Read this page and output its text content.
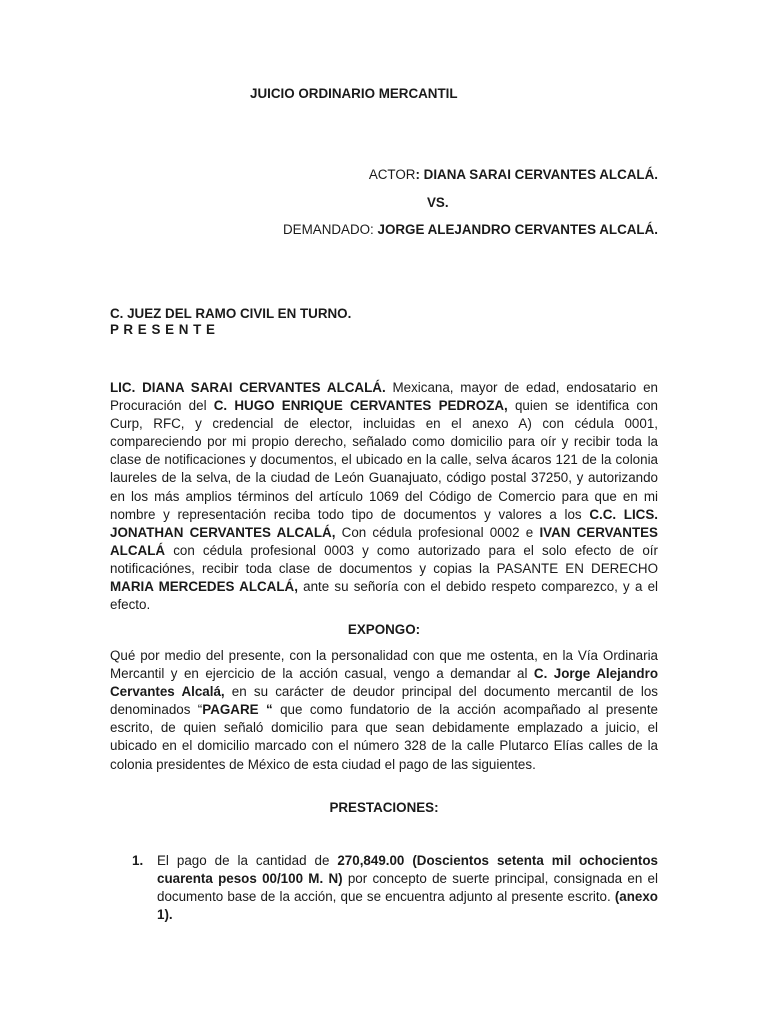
JUICIO ORDINARIO MERCANTIL
ACTOR: DIANA SARAI CERVANTES ALCALÁ.
VS.
DEMANDADO: JORGE ALEJANDRO CERVANTES ALCALÁ.
C. JUEZ DEL RAMO CIVIL EN TURNO.
P R E S E N T E
LIC. DIANA SARAI CERVANTES ALCALÁ. Mexicana, mayor de edad, endosatario en Procuración del C. HUGO ENRIQUE CERVANTES PEDROZA, quien se identifica con Curp, RFC, y credencial de elector, incluidas en el anexo A) con cédula 0001, compareciendo por mi propio derecho, señalado como domicilio para oír y recibir toda la clase de notificaciones y documentos, el ubicado en la calle, selva ácaros 121 de la colonia laureles de la selva, de la ciudad de León Guanajuato, código postal 37250, y autorizando en los más amplios términos del artículo 1069 del Código de Comercio para que en mi nombre y representación reciba todo tipo de documentos y valores a los C.C. LICS. JONATHAN CERVANTES ALCALÁ, Con cédula profesional 0002 e IVAN CERVANTES ALCALÁ con cédula profesional 0003 y como autorizado para el solo efecto de oír notificaciónes, recibir toda clase de documentos y copias la PASANTE EN DERECHO MARIA MERCEDES ALCALÁ, ante su señoría con el debido respeto comparezco, y a el efecto.
EXPONGO:
Qué por medio del presente, con la personalidad con que me ostenta, en la Vía Ordinaria Mercantil y en ejercicio de la acción casual, vengo a demandar al C. Jorge Alejandro Cervantes Alcalá, en su carácter de deudor principal del documento mercantil de los denominados “PAGARE “ que como fundatorio de la acción acompañado al presente escrito, de quien señaló domicilio para que sean debidamente emplazado a juicio, el ubicado en el domicilio marcado con el número 328 de la calle Plutarco Elías calles de la colonia presidentes de México de esta ciudad el pago de las siguientes.
PRESTACIONES:
1. El pago de la cantidad de 270,849.00 (Doscientos setenta mil ochocientos cuarenta pesos 00/100 M. N) por concepto de suerte principal, consignada en el documento base de la acción, que se encuentra adjunto al presente escrito. (anexo 1).
